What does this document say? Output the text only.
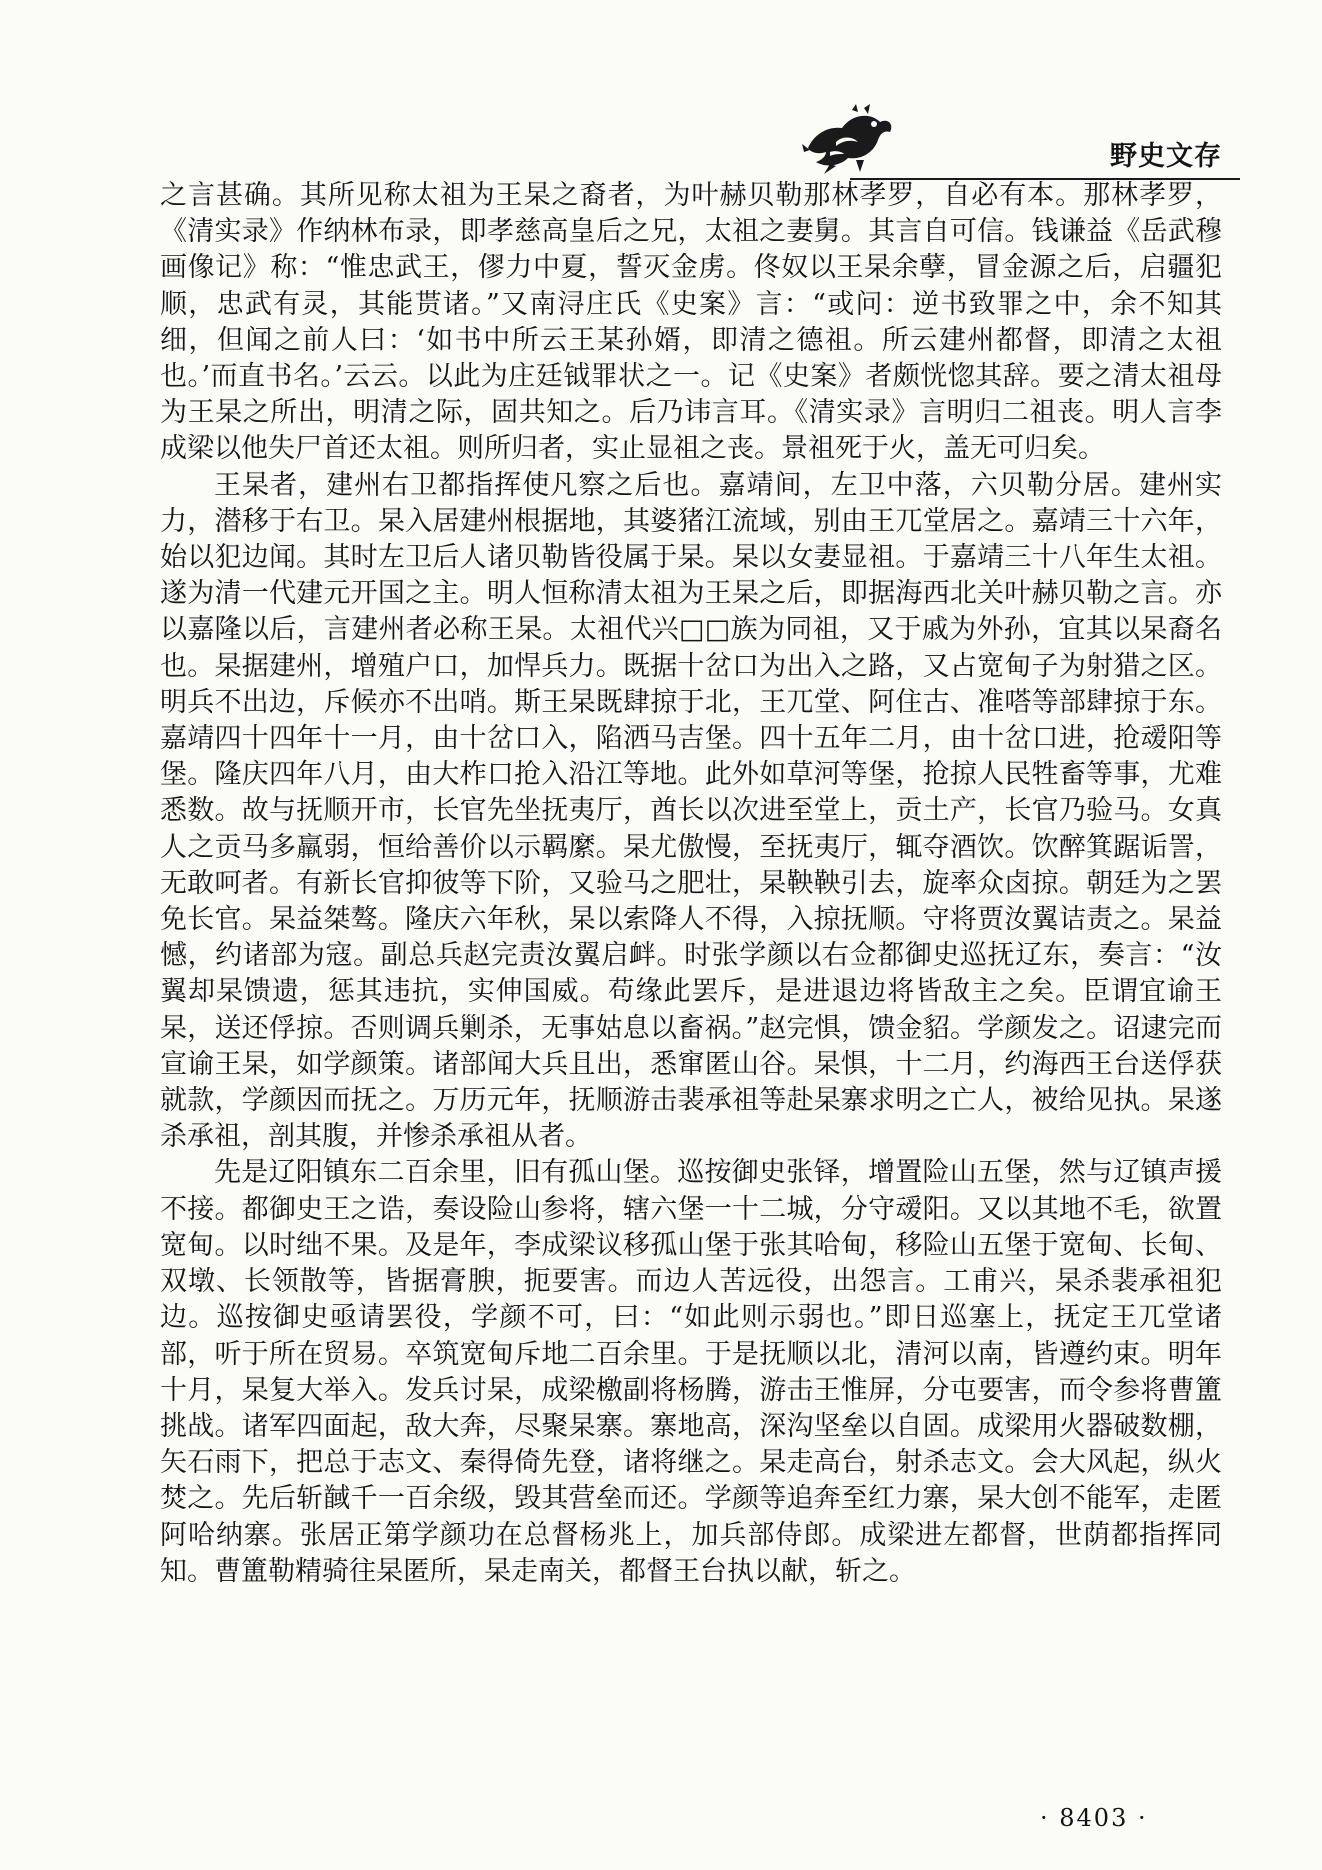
野史文存

之言甚确。其所见称太祖为王杲之裔者，为叶赫贝勒那林孝罗，自必有本。那林孝罗，《清实录》作纳林布录，即孝慈高皇后之兄，太祖之妻舅。其言自可信。钱谦益《岳武穆画像记》称：“惟忠武王，僇力中夏，誓灭金虏。佟奴以王杲余孽，冒金源之后，启疆犯顺，忠武有灵，其能贳诸。”又南浔庄氏《史案》言：“或问：逆书致罪之中，余不知其细，但闻之前人曰：‘如书中所云王某孙婿，即清之德祖。所云建州都督，即清之太祖也。’而直书名。’云云。以此为庄廷钺罪状之一。记《史案》者颇恍惚其辞。要之清太祖母为王杲之所出，明清之际，固共知之。后乃讳言耳。《清实录》言明归二祖丧。明人言李成梁以他失尸首还太祖。则所归者，实止显祖之丧。景祖死于火，盖无可归矣。

王杲者，建州右卫都指挥使凡察之后也。嘉靖间，左卫中落，六贝勒分居。建州实力，潜移于右卫。杲入居建州根据地，其婆猪江流域，别由王兀堂居之。嘉靖三十六年，始以犯边闻。其时左卫后人诸贝勒皆役属于杲。杲以女妻显祖。于嘉靖三十八年生太祖。遂为清一代建元开国之主。明人恒称清太祖为王杲之后，即据海西北关叶赫贝勒之言。亦以嘉隆以后，言建州者必称王杲。太祖代兴□□族为同祖，又于戚为外孙，宜其以杲裔名也。杲据建州，增殖户口，加悍兵力。既据十岔口为出入之路，又占宽甸子为射猎之区。明兵不出边，斥候亦不出哨。斯王杲既肆掠于北，王兀堂、阿住古、准嗒等部肆掠于东。嘉靖四十四年十一月，由十岔口入，陷洒马吉堡。四十五年二月，由十岔口进，抢叆阳等堡。隆庆四年八月，由大柞口抢入沿江等地。此外如草河等堡，抢掠人民牲畜等事，尤难悉数。故与抚顺开市，长官先坐抚夷厅，酋长以次进至堂上，贡土产，长官乃验马。女真人之贡马多羸弱，恒给善价以示羁縻。杲尤傲慢，至抚夷厅，辄夺酒饮。饮醉箕踞诟詈，无敢呵者。有新长官抑彼等下阶，又验马之肥壮，杲鞅鞅引去，旋率众卤掠。朝廷为之罢免长官。杲益桀骜。隆庆六年秋，杲以索降人不得，入掠抚顺。守将贾汝翼诘责之。杲益憾，约诸部为寇。副总兵赵完责汝翼启衅。时张学颜以右佥都御史巡抚辽东，奏言：“汝翼却杲馈遗，惩其违抗，实伸国威。苟缘此罢斥，是进退边将皆敌主之矣。臣谓宜谕王杲，送还俘掠。否则调兵剿杀，无事姑息以畜祸。”赵完惧，馈金貂。学颜发之。诏逮完而宣谕王杲，如学颜策。诸部闻大兵且出，悉窜匿山谷。杲惧，十二月，约海西王台送俘获就款，学颜因而抚之。万历元年，抚顺游击裴承祖等赴杲寨求明之亡人，被给见执。杲遂杀承祖，剖其腹，并惨杀承祖从者。

先是辽阳镇东二百余里，旧有孤山堡。巡按御史张铎，增置险山五堡，然与辽镇声援不接。都御史王之诰，奏设险山参将，辖六堡一十二城，分守叆阳。又以其地不毛，欲置宽甸。以时绌不果。及是年，李成梁议移孤山堡于张其哈甸，移险山五堡于宽甸、长甸、双墩、长领散等，皆据膏腴，扼要害。而边人苦远役，出怨言。工甫兴，杲杀裴承祖犯边。巡按御史亟请罢役，学颜不可，曰：“如此则示弱也。”即日巡塞上，抚定王兀堂诸部，听于所在贸易。卒筑宽甸斥地二百余里。于是抚顺以北，清河以南，皆遵约束。明年十月，杲复大举入。发兵讨杲，成梁檄副将杨腾，游击王惟屏，分屯要害，而令参将曹簠挑战。诸军四面起，敌大奔，尽聚杲寨。寨地高，深沟坚垒以自固。成梁用火器破数棚，矢石雨下，把总于志文、秦得倚先登，诸将继之。杲走高台，射杀志文。会大风起，纵火焚之。先后斩馘千一百余级，毁其营垒而还。学颜等追奔至红力寨，杲大创不能军，走匿阿哈纳寨。张居正第学颜功在总督杨兆上，加兵部侍郎。成梁进左都督，世荫都指挥同知。曹簠勒精骑往杲匿所，杲走南关，都督王台执以献，斩之。

· 8403 ·
